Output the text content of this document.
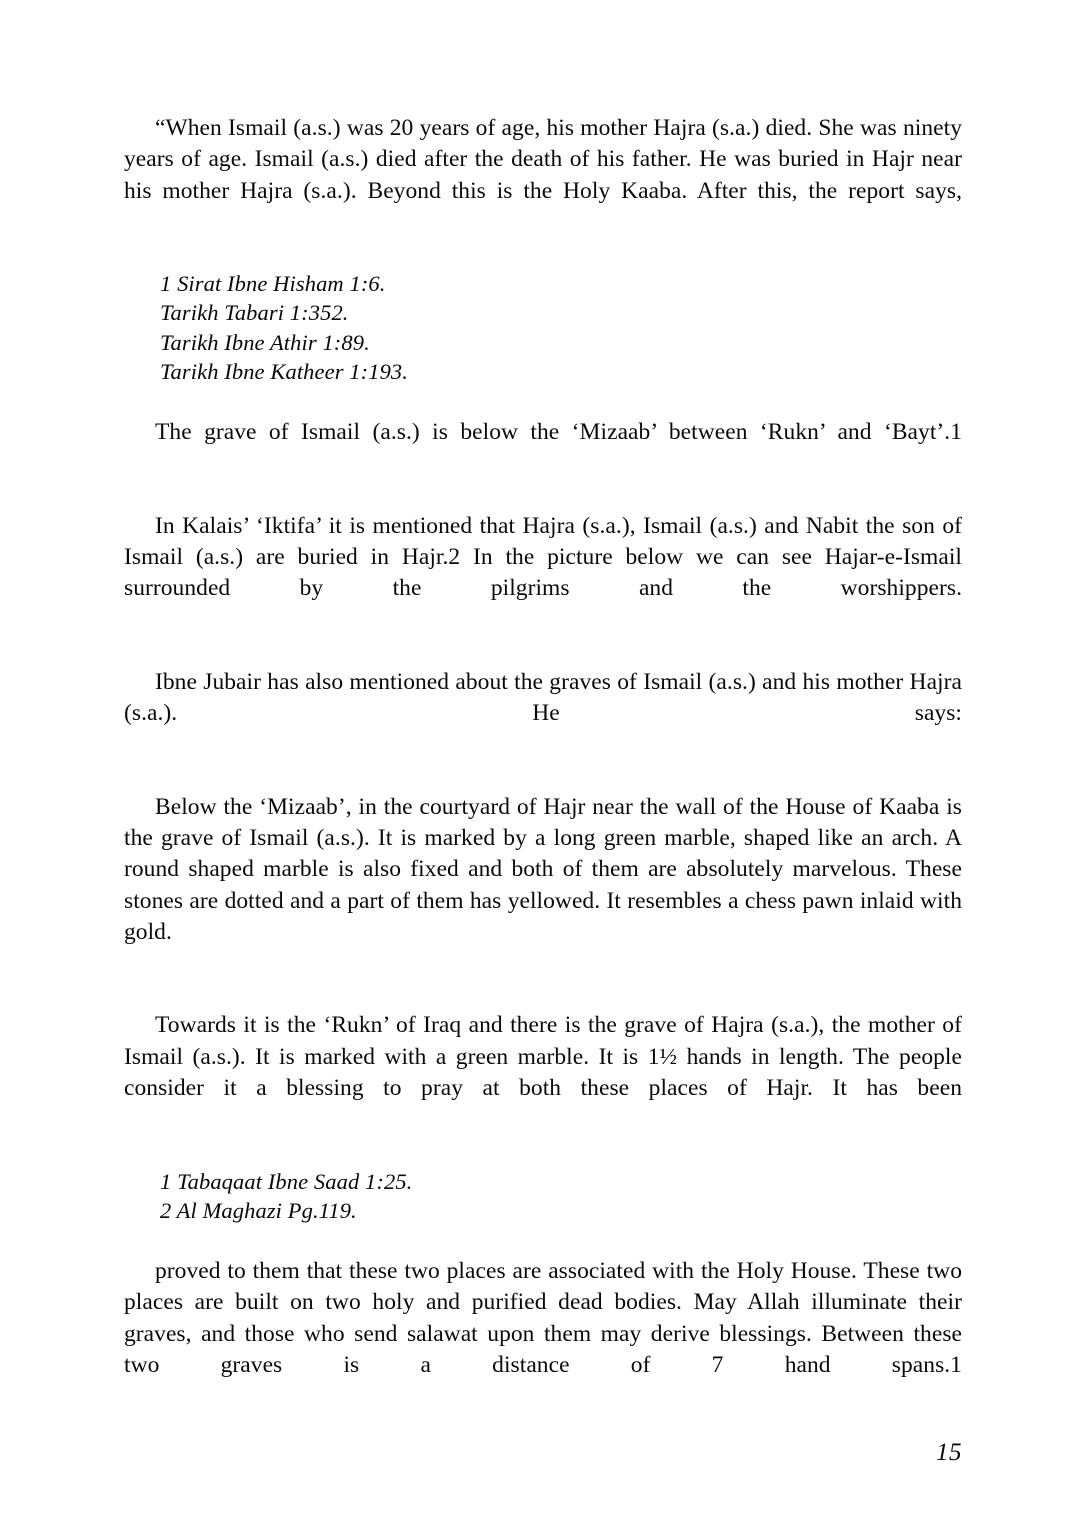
“When Ismail (a.s.) was 20 years of age, his mother Hajra (s.a.) died. She was ninety years of age. Ismail (a.s.) died after the death of his father. He was buried in Hajr near his mother Hajra (s.a.). Beyond this is the Holy Kaaba. After this, the report says,

1 Sirat Ibne Hisham 1:6.
Tarikh Tabari 1:352.
Tarikh Ibne Athir 1:89.
Tarikh Ibne Katheer 1:193.

The grave of Ismail (a.s.) is below the ‘Mizaab’ between ‘Rukn’ and ‘Bayt’.1

In Kalais’ ‘Iktifa’ it is mentioned that Hajra (s.a.), Ismail (a.s.) and Nabit the son of Ismail (a.s.) are buried in Hajr.2 In the picture below we can see Hajar-e-Ismail surrounded by the pilgrims and the worshippers.

Ibne Jubair has also mentioned about the graves of Ismail (a.s.) and his mother Hajra (s.a.). He says:

Below the ‘Mizaab’, in the courtyard of Hajr near the wall of the House of Kaaba is the grave of Ismail (a.s.). It is marked by a long green marble, shaped like an arch. A round shaped marble is also fixed and both of them are absolutely marvelous. These stones are dotted and a part of them has yellowed. It resembles a chess pawn inlaid with gold.

Towards it is the ‘Rukn’ of Iraq and there is the grave of Hajra (s.a.), the mother of Ismail (a.s.). It is marked with a green marble. It is 1½ hands in length. The people consider it a blessing to pray at both these places of Hajr. It has been

1 Tabaqaat Ibne Saad 1:25.
2 Al Maghazi Pg.119.

proved to them that these two places are associated with the Holy House. These two places are built on two holy and purified dead bodies. May Allah illuminate their graves, and those who send salawat upon them may derive blessings. Between these two graves is a distance of 7 hand spans.1

15
